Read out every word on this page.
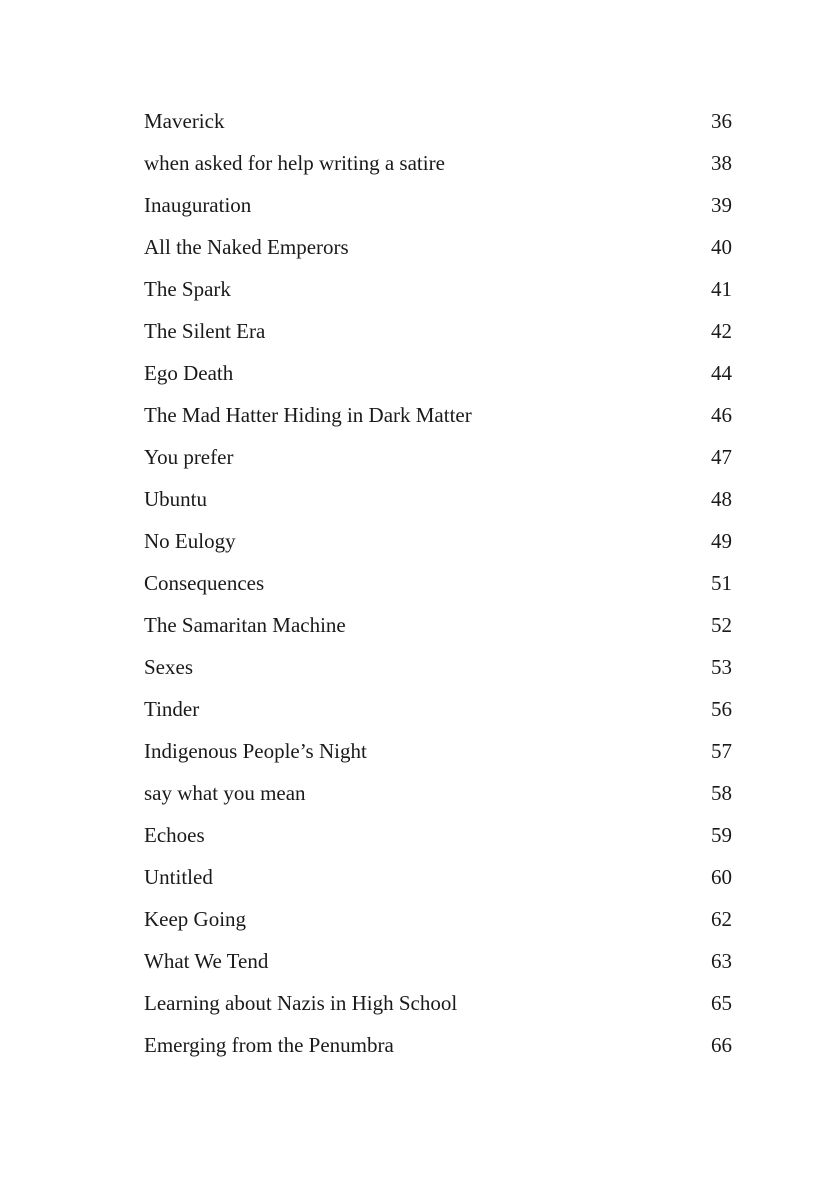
Maverick	36
when asked for help writing a satire	38
Inauguration	39
All the Naked Emperors	40
The Spark	41
The Silent Era	42
Ego Death	44
The Mad Hatter Hiding in Dark Matter	46
You prefer	47
Ubuntu	48
No Eulogy	49
Consequences	51
The Samaritan Machine	52
Sexes	53
Tinder	56
Indigenous People’s Night	57
say what you mean	58
Echoes	59
Untitled	60
Keep Going	62
What We Tend	63
Learning about Nazis in High School	65
Emerging from the Penumbra	66
